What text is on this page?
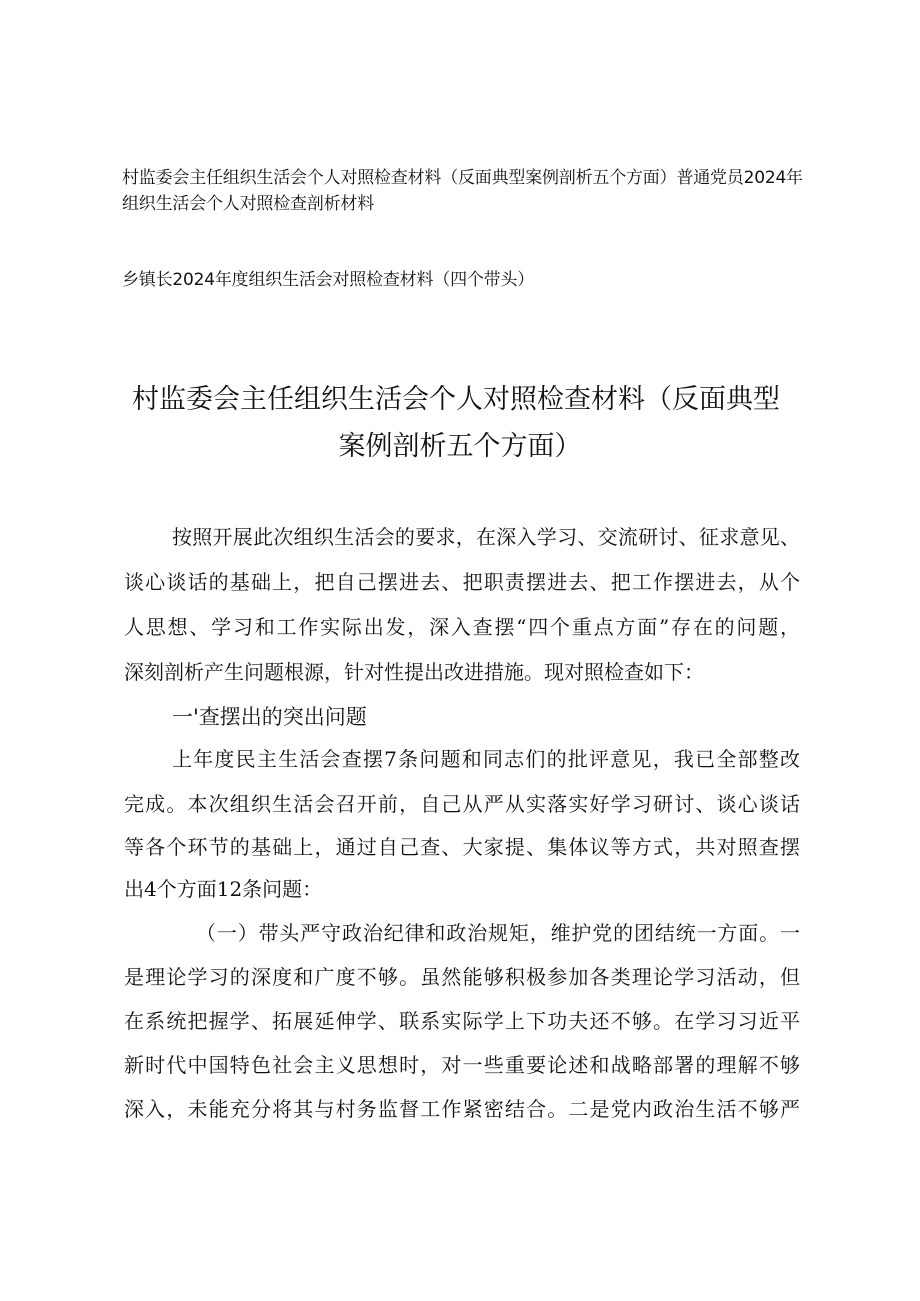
村监委会主任组织生活会个人对照检查材料（反面典型案例剖析五个方面）普通党员2024年
组织生活会个人对照检查剖析材料
乡镇长2024年度组织生活会对照检查材料（四个带头）
村监委会主任组织生活会个人对照检查材料（反面典型
案例剖析五个方面）
按照开展此次组织生活会的要求，在深入学习、交流研讨、征求意见、
谈心谈话的基础上，把自己摆进去、把职责摆进去、把工作摆进去，从个
人思想、学习和工作实际出发，深入查摆“四个重点方面”存在的问题，
深刻剖析产生问题根源，针对性提出改进措施。现对照检查如下：
一'查摆出的突出问题
上年度民主生活会查摆7条问题和同志们的批评意见，我已全部整改
完成。本次组织生活会召开前，自己从严从实落实好学习研讨、谈心谈话
等各个环节的基础上，通过自己查、大家提、集体议等方式，共对照查摆
出4个方面12条问题：
（一）带头严守政治纪律和政治规矩，维护党的团结统一方面。一
是理论学习的深度和广度不够。虽然能够积极参加各类理论学习活动，但
在系统把握学、拓展延伸学、联系实际学上下功夫还不够。在学习习近平
新时代中国特色社会主义思想时，对一些重要论述和战略部署的理解不够
深入，未能充分将其与村务监督工作紧密结合。二是党内政治生活不够严
